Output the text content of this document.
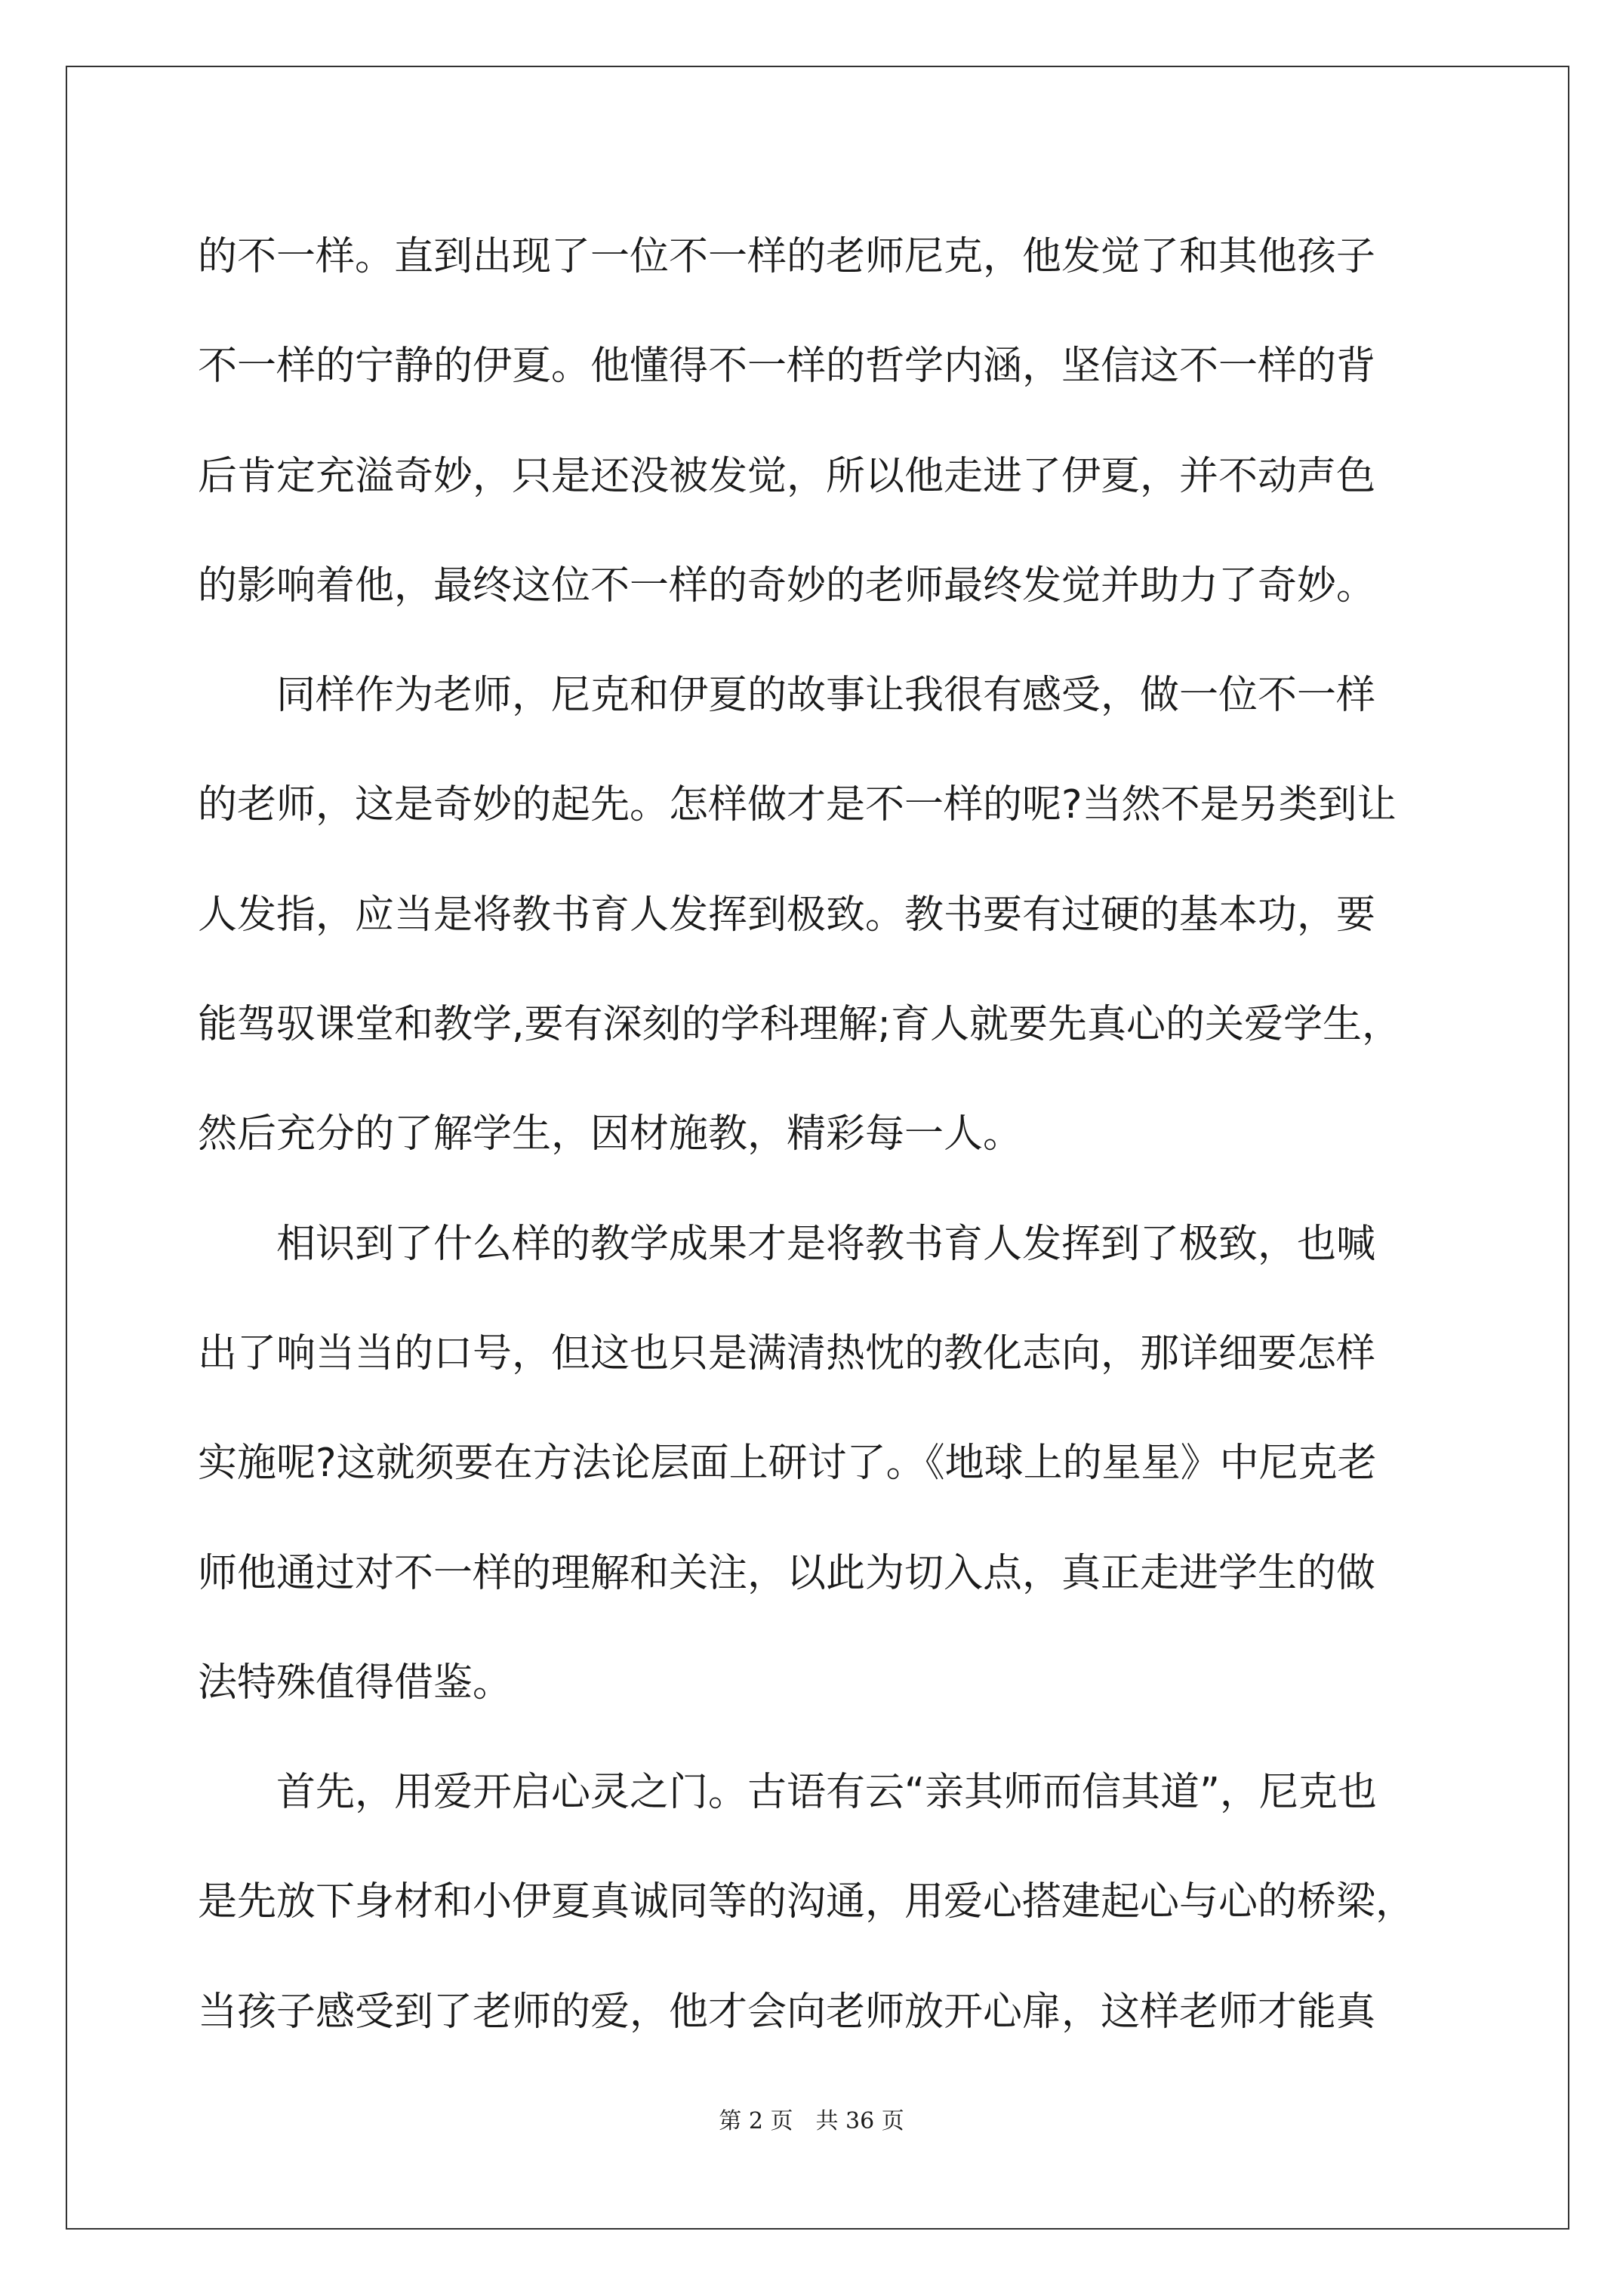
的不一样。直到出现了一位不一样的老师尼克，他发觉了和其他孩子
不一样的宁静的伊夏。他懂得不一样的哲学内涵，坚信这不一样的背
后肯定充溢奇妙，只是还没被发觉，所以他走进了伊夏，并不动声色
的影响着他，最终这位不一样的奇妙的老师最终发觉并助力了奇妙。
　　同样作为老师，尼克和伊夏的故事让我很有感受，做一位不一样
的老师，这是奇妙的起先。怎样做才是不一样的呢?当然不是另类到让
人发指，应当是将教书育人发挥到极致。教书要有过硬的基本功，要
能驾驭课堂和教学,要有深刻的学科理解;育人就要先真心的关爱学生，
然后充分的了解学生，因材施教，精彩每一人。
　　相识到了什么样的教学成果才是将教书育人发挥到了极致，也喊
出了响当当的口号，但这也只是满清热忱的教化志向，那详细要怎样
实施呢?这就须要在方法论层面上研讨了。《地球上的星星》中尼克老
师他通过对不一样的理解和关注，以此为切入点，真正走进学生的做
法特殊值得借鉴。
　　首先，用爱开启心灵之门。古语有云“亲其师而信其道”，尼克也
是先放下身材和小伊夏真诚同等的沟通，用爱心搭建起心与心的桥梁，
当孩子感受到了老师的爱，他才会向老师放开心扉，这样老师才能真
第 2 页　共 36 页
